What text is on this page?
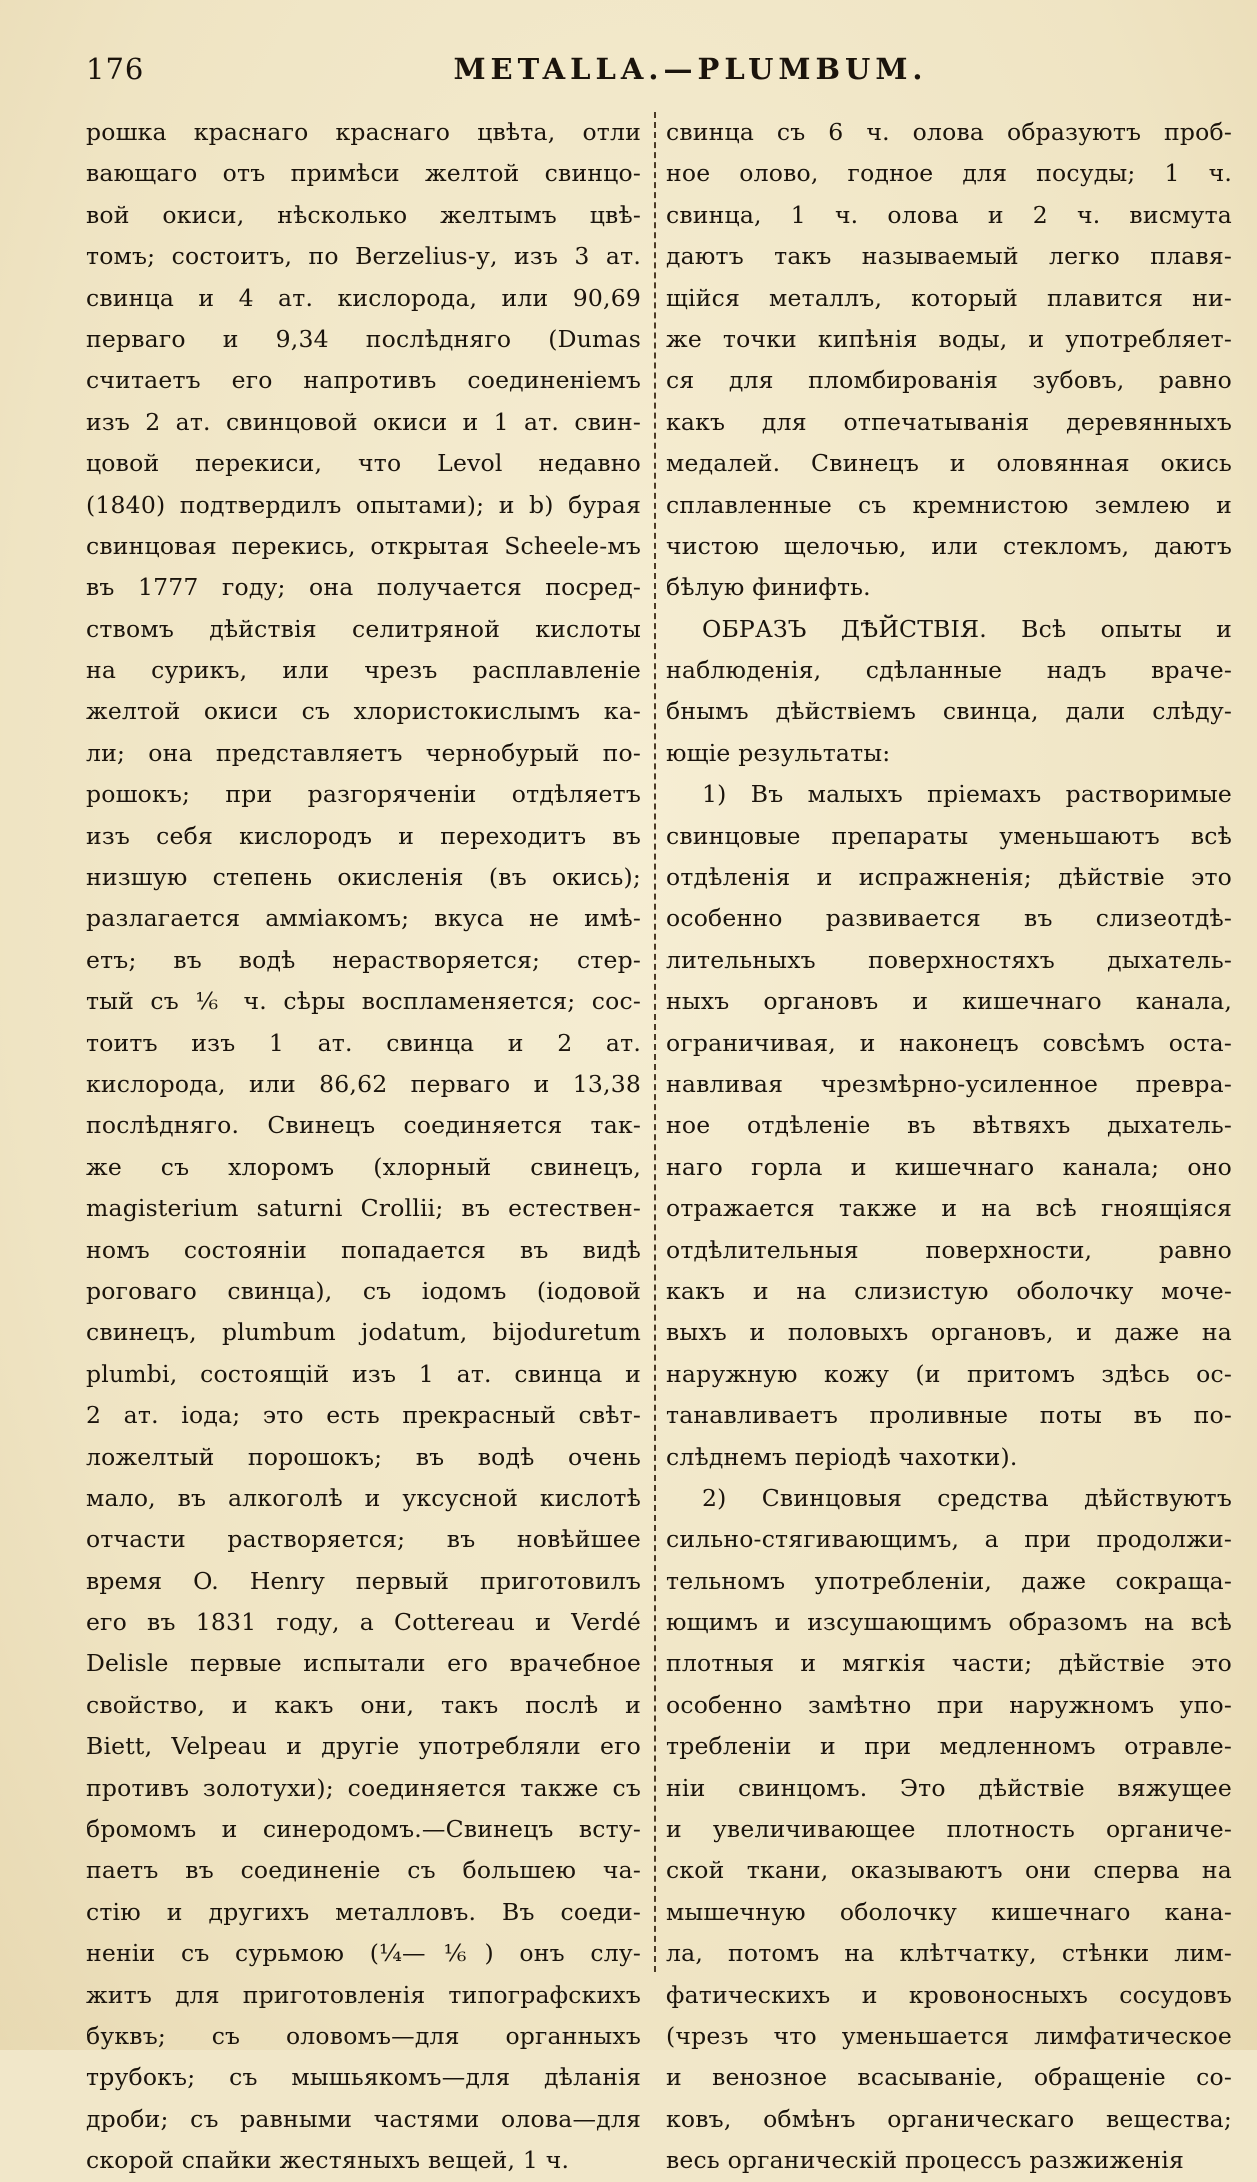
176	METALLA.—PLUMBUM.
рошка краснаго краснаго цвѣта, отли
вающаго отъ примѣси желтой свинцо-
вой окиси, нѣсколько желтымъ цвѣ-
томъ; состоитъ, по Berzelius-у, изъ 3 ат.
свинца и 4 ат. кислорода, или 90,69
перваго и 9,34 послѣдняго (Dumas
считаетъ его напротивъ соединеніемъ
изъ 2 ат. свинцовой окиси и 1 ат. свин-
цовой перекиси, что Levol недавно
(1840) подтвердилъ опытами); и b) бурая
свинцовая перекись, открытая Scheele-мъ
въ 1777 году; она получается посред-
ствомъ дѣйствія селитряной кислоты
на сурикъ, или чрезъ расплавленіе
желтой окиси съ хлористокислымъ ка-
ли; она представляетъ чернобурый по-
рошокъ; при разгоряченіи отдѣляетъ
изъ себя кислородъ и переходитъ въ
низшую степень окисленія (въ окись);
разлагается аммiакомъ; вкуса не имѣ-
етъ; въ водѣ нерастворяется; стер-
тый съ ⅙ ч. сѣры воспламеняется; сос-
тоитъ изъ 1 ат. свинца и 2 ат.
кислорода, или 86,62 перваго и 13,38
послѣдняго. Свинецъ соединяется так-
же съ хлоромъ (хлорный свинецъ,
magisterium saturni Crollii; въ естествен-
номъ состояніи попадается въ видѣ
роговаго свинца), съ iодомъ (iодовой
свинецъ, plumbum jodatum, bijoduretum
plumbi, состоящій изъ 1 ат. свинца и
2 ат. iода; это есть прекрасный свѣт-
ложелтый порошокъ; въ водѣ очень
мало, въ алкоголѣ и уксусной кислотѣ
отчасти растворяется; въ новѣйшее
время O. Henry первый приготовилъ
его въ 1831 году, а Cottereau и Verdé
Delisle первые испытали его врачебное
свойство, и какъ они, такъ послѣ и
Biett, Velpeau и другіе употребляли его
противъ золотухи); соединяется также съ
бромомъ и синеродомъ.—Свинецъ всту-
паетъ въ соединеніе съ большею ча-
стію и другихъ металловъ. Въ соеди-
неніи съ сурьмою (¼—⅙) онъ слу-
житъ для приготовленія типографскихъ
буквъ; съ оловомъ—для органныхъ
трубокъ; съ мышьякомъ—для дѣланія
дроби; съ равными частями олова—для
скорой спайки жестяныхъ вещей, 1 ч.
свинца съ 6 ч. олова образуютъ проб-
ное олово, годное для посуды; 1 ч.
свинца, 1 ч. олова и 2 ч. висмута
даютъ такъ называемый легко плавя-
щійся металлъ, который плавится ни-
же точки кипѣнія воды, и употребляет-
ся для пломбированія зубовъ, равно
какъ для отпечатыванія деревянныхъ
медалей. Свинецъ и оловянная окись
сплавленные съ кремнистою землею и
чистою щелочью, или стекломъ, даютъ
бѣлую финифть.
ОБРАЗЪ ДѢЙСТВІЯ. Всѣ опыты и
наблюденія, сдѣланные надъ враче-
бнымъ дѣйствіемъ свинца, дали слѣду-
ющіе результаты:
1) Въ малыхъ пріемахъ растворимые
свинцовые препараты уменьшаютъ всѣ
отдѣленія и испражненія; дѣйствіе это
особенно развивается въ слизеотдѣ-
лительныхъ поверхностяхъ дыхатель-
ныхъ органовъ и кишечнаго канала,
ограничивая, и наконецъ совсѣмъ оста-
навливая чрезмѣрно-усиленное превра-
ное отдѣленіе въ вѣтвяхъ дыхатель-
наго горла и кишечнаго канала; оно
отражается также и на всѣ гноящіяся
отдѣлительныя поверхности, равно
какъ и на слизистую оболочку моче-
выхъ и половыхъ органовъ, и даже на
наружную кожу (и притомъ здѣсь ос-
танавливаетъ проливные поты въ по-
слѣднемъ періодѣ чахотки).
2) Свинцовыя средства дѣйствуютъ
сильно-стягивающимъ, а при продолжи-
тельномъ употребленіи, даже сокраща-
ющимъ и изсушающимъ образомъ на всѣ
плотныя и мягкія части; дѣйствіе это
особенно замѣтно при наружномъ упо-
требленіи и при медленномъ отравле-
ніи свинцомъ. Это дѣйствіе вяжущее
и увеличивающее плотность органиче-
ской ткани, оказываютъ они сперва на
мышечную оболочку кишечнаго кана-
ла, потомъ на клѣтчатку, стѣнки лим-
фатическихъ и кровоносныхъ сосудовъ
(чрезъ что уменьшается лимфатическое
и венозное всасываніе, обращеніе со-
ковъ, обмѣнъ органическаго вещества;
весь органическій процессъ разжиженія
